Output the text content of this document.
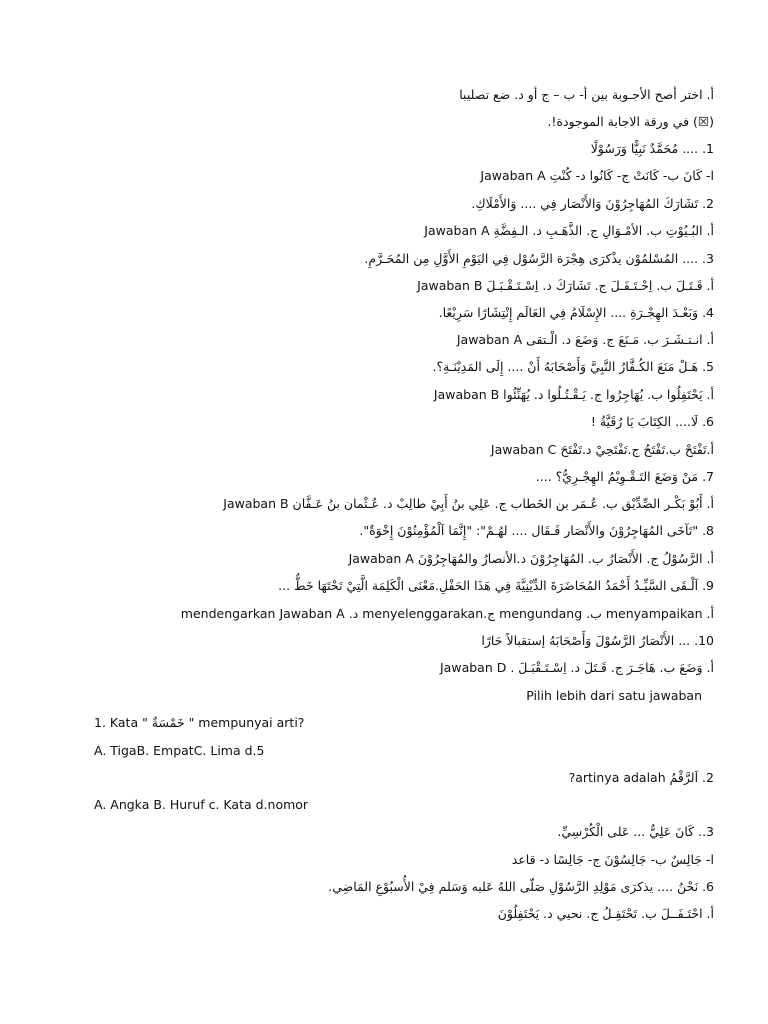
أ. اختر أصح الأجـوبة بين أ- ب – ج أو د. ضع تصليبا
(☒) في ورقة الاجابة الموجودة!.
1. .... مُحَمَّدٌ نَبِيًّا وَرَسُوْلًا
ا- كَانَ ب- كَانَتْ ج- كَانُوا د- كُنْتِ Jawaban A
2. تَشَارَكَ المُهَاجِرُوْنَ وَالأَنْصَار فِي .... وَالأَمْلَاكِ.
أ. البُـيُوْتِ ب. الأمْـوَالِ ج. الذَّهَـبِ د. الـفِضَّةِ Jawaban A
3. .... المُسْلمُوْن يذْكرَى هِجْرَة الرَّسُوْل فِي اليَوْمِ الأَوَّلِ مِن المُحَـرَّمِ.
أ. قَـتَـلَ ب. اِحْـتَـفَـلَ ج. تَشَارَكَ د. اِسْـتَـقْـبَـلَ Jawaban B
4. وَبَعْـدَ الهِجْـرَةِ .... الإِسْلَامُ فِي العَالَم إِنْتِشَارًا سَرِيْعًا.
أ. انـتـشَـرَ ب. مَـنَعَ ج. وَضَعَ د. الْـتقى Jawaban A
5. هَـلْ مَنَعَ الكُـفَّارُ النَّبِيَّ وَأَصْحَابَهُ أَنْ .... إِلَى المَدِيْنَـةِ؟.
أ. يَحْتَفِلُوا ب. يُهَاجِرُوا ج. يَـقْـتُـلُوا د. يُهَنِّئُوا Jawaban B
6. لَا.... الكِتَابَ يَا رُقَيَّةُ !
أ.تَفْتَحْ ب.تَفْتَحُ ج.تَفْتَحِيْ د.تَفْتَحَ Jawaban C
7. مَنْ وَضَعَ التَـقْـوِيْمُ الهِجْـرِيُّ؟ ....
أ. أَبُوْ بَكْـر الصِّدِّيْق ب. عُـمَر بن الخَطاب ج. عَلِي بنُ أَبِيْ طالِبْ د. عُـثْمان بنُ عَـفَّان Jawaban B
8. "تَآخَى المُهَاجِرُوْنَ والأَنْصَار فَـقَال .... لهُـمْ": "إِنَّمَا اَلْمُؤْمِنُوْنَ إِخْوَةٌ".
أ. الرَّسُوْلُ ج. الأَنْصَارُ ب. المُهَاجِرُوْنَ د.الأنصارُ والمُهَاجِرُوْنَ Jawaban A
9. اَلْـقَى السَّيِّـدُ أَحْمَدُ المُحَاضَرَةَ الدِّيْنِيَّةَ فِي هَذَا الحَفْلِ.مَعْنَى الْكَلِمَة الَّتِيْ تَحْتَهَا خَطٌّ ...
أ. menyampaikan ب. mengundang ج.menyelenggarakan د. mendengarkan Jawaban A
10. ... الأَنْصَارُ الرَّسُوْلَ وَأَصْحَابَهُ إستقبالاً حَارًا
أ. وَضَعَ ب. هَاجَـرَ ج. قَـتَلَ د. اِسْـتَـقْبَـلَ . Jawaban D
Pilih lebih dari satu jawaban
1. Kata " خَمْسَةٌ " mempunyai arti?
A. TigaB. EmpatC. Lima d.5
2. اَلرَّقْمُ artinya adalah?
A. Angka B. Huruf c. Kata d.nomor
3.. كَانَ عَلِيٌّ ... عَلى الْكُرْسِيِّ.
ا- جَالِسٌ ب- جَالِسُوْنَ ج- جَالِسًا د- قاعد
6. نَحْنُ .... يذكرَى مَوْلِدِ الرَّسُوْلِ صَلّى اللهُ عَليه وَسَلم فِيْ الأُسبُوْعِ المَاضِي.
أ. احْتَـفَــلَ ب. تَحْتَفِـلُ ج. نحيي د. يَحْتَفِلُوْنَ
